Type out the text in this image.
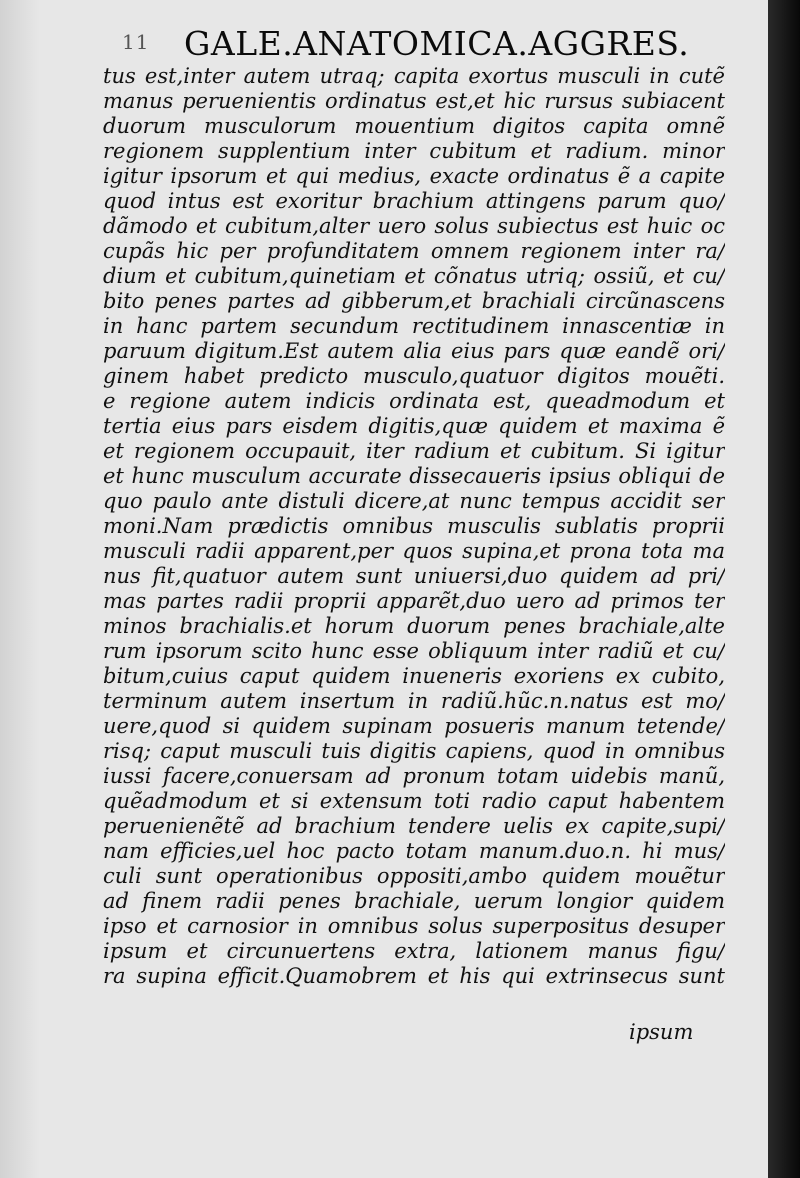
11 GALE.ANATOMICA.AGGRES.
tus est,inter autem utraq; capita exortus musculi in cutẽ
manus peruenientis ordinatus est,et hic rursus subiacent
duorum musculorum mouentium digitos capita omnẽ
regionem supplentium inter cubitum et radium. minor
igitur ipsorum et qui medius, exacte ordinatus ẽ a capite
quod intus est exoritur brachium attingens parum quo/
dãmodo et cubitum,alter uero solus subiectus est huic oc
cupãs hic per profunditatem omnem regionem inter ra/
dium et cubitum,quinetiam et cõnatus utriq; ossiũ, et cu/
bito penes partes ad gibberum,et brachiali circũnascens
in hanc partem secundum rectitudinem innascentiæ in
paruum digitum.Est autem alia eius pars quæ eandẽ ori/
ginem habet predicto musculo,quatuor digitos mouẽti.
e regione autem indicis ordinata est, queadmodum et
tertia eius pars eisdem digitis,quæ quidem et maxima ẽ
et regionem occupauit, iter radium et cubitum. Si igitur
et hunc musculum accurate dissecaueris ipsius obliqui de
quo paulo ante distuli dicere,at nunc tempus accidit ser
moni.Nam prædictis omnibus musculis sublatis proprii
musculi radii apparent,per quos supina,et prona tota ma
nus fit,quatuor autem sunt uniuersi,duo quidem ad pri/
mas partes radii proprii apparẽt,duo uero ad primos ter
minos brachialis.et horum duorum penes brachiale,alte
rum ipsorum scito hunc esse obliquum inter radiũ et cu/
bitum,cuius caput quidem inueneris exoriens ex cubito,
terminum autem insertum in radiũ.hũc.n.natus est mo/
uere,quod si quidem supinam posueris manum tetende/
risq; caput musculi tuis digitis capiens, quod in omnibus
iussi facere,conuersam ad pronum totam uidebis manũ,
quẽadmodum et si extensum toti radio caput habentem
peruenienẽtẽ ad brachium tendere uelis ex capite,supi/
nam efficies,uel hoc pacto totam manum.duo.n. hi mus/
culi sunt operationibus oppositi,ambo quidem mouẽtur
ad finem radii penes brachiale, uerum longior quidem
ipso et carnosior in omnibus solus superpositus desuper
ipsum et circunuertens extra, lationem manus figu/
ra supina efficit.Quamobrem et his qui extrinsecus sunt

ipsum
